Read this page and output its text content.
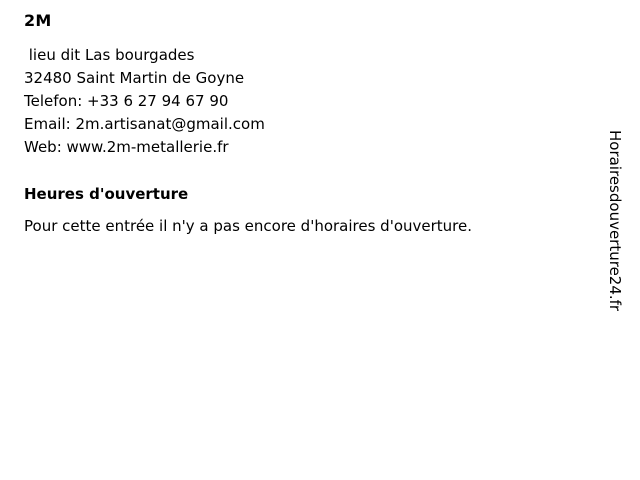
2M

lieu dit Las bourgades

32480 Saint Martin de Goyne

Telefon: +33 6 27 94 67 90

Email: 2m.artisanat@gmail.com

Web: www.2m-metallerie.fr

Heures d'ouverture

Pour cette entrée il n'y a pas encore d'horaires d'ouverture.	Horairesdouverture24.fr
